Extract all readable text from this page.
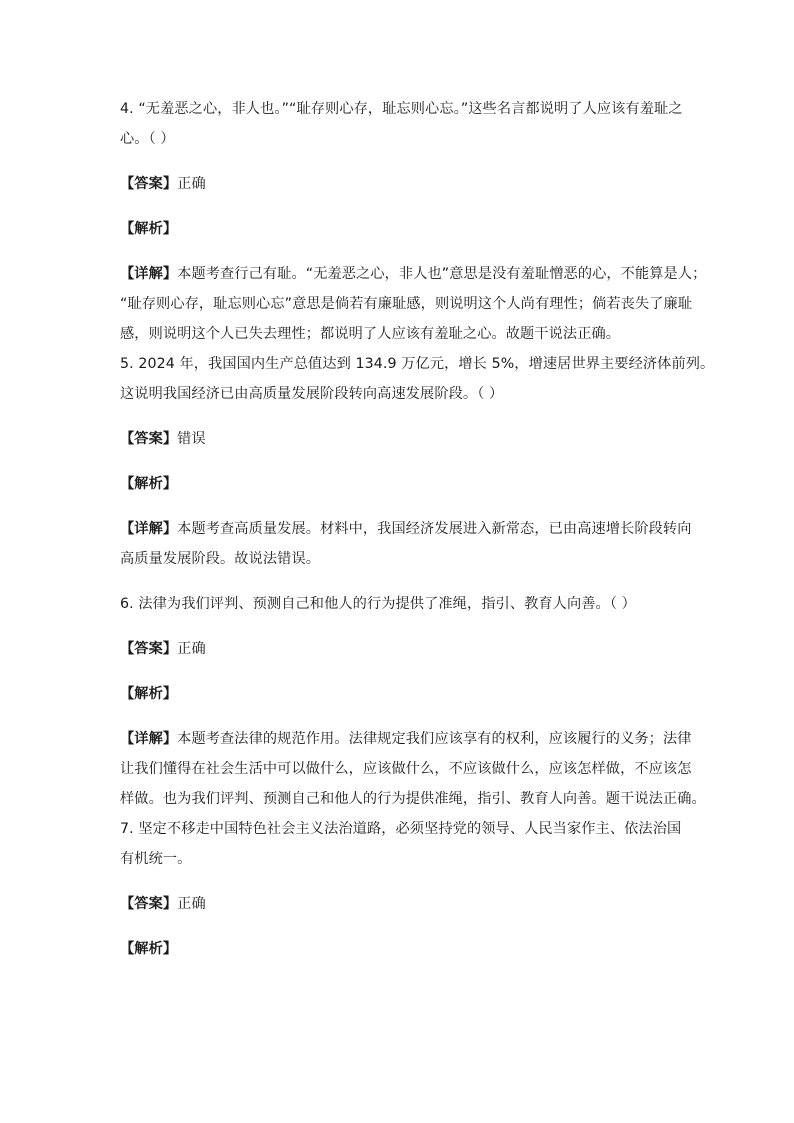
4. “无羞恶之心，非人也。”“耻存则心存，耻忘则心忘。”这些名言都说明了人应该有羞耻之
心。（ ）
【答案】正确
【解析】
【详解】本题考查行己有耻。“无羞恶之心，非人也”意思是没有羞耻憎恶的心，不能算是人；
“耻存则心存，耻忘则心忘”意思是倘若有廉耻感，则说明这个人尚有理性；倘若丧失了廉耻
感，则说明这个人已失去理性；都说明了人应该有羞耻之心。故题干说法正确。
5. 2024 年，我国国内生产总值达到 134.9 万亿元，增长 5%，增速居世界主要经济体前列。
这说明我国经济已由高质量发展阶段转向高速发展阶段。（ ）
【答案】错误
【解析】
【详解】本题考查高质量发展。材料中，我国经济发展进入新常态，已由高速增长阶段转向
高质量发展阶段。故说法错误。
6. 法律为我们评判、预测自己和他人的行为提供了准绳，指引、教育人向善。（ ）
【答案】正确
【解析】
【详解】本题考查法律的规范作用。法律规定我们应该享有的权利，应该履行的义务；法律
让我们懂得在社会生活中可以做什么，应该做什么，不应该做什么，应该怎样做，不应该怎
样做。也为我们评判、预测自己和他人的行为提供准绳，指引、教育人向善。题干说法正确。
7. 坚定不移走中国特色社会主义法治道路，必须坚持党的领导、人民当家作主、依法治国
有机统一。
【答案】正确
【解析】
